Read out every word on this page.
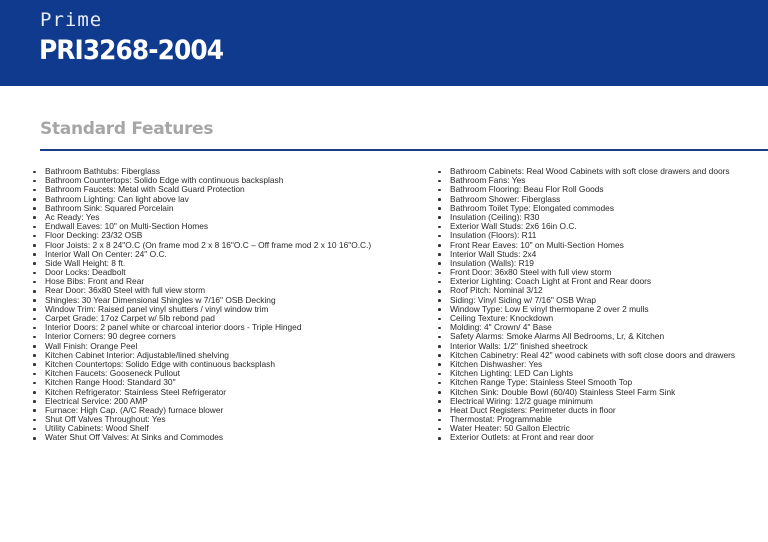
Prime
PRI3268-2004
Standard Features
Bathroom Bathtubs: Fiberglass
Bathroom Countertops: Solido Edge with continuous backsplash
Bathroom Faucets: Metal with Scald Guard Protection
Bathroom Lighting: Can light above lav
Bathroom Sink: Squared Porcelain
Ac Ready: Yes
Endwall Eaves: 10" on Multi-Section Homes
Floor Decking: 23/32 OSB
Floor Joists: 2 x 8 24"O.C (On frame mod 2 x 8 16"O.C – Off frame mod 2 x 10 16"O.C.)
Interior Wall On Center: 24" O.C.
Side Wall Height: 8 ft.
Door Locks: Deadbolt
Hose Bibs: Front and Rear
Rear Door: 36x80 Steel with full view storm
Shingles: 30 Year Dimensional Shingles w 7/16" OSB Decking
Window Trim: Raised panel vinyl shutters / vinyl window trim
Carpet Grade: 17oz Carpet w/ 5lb rebond pad
Interior Doors: 2 panel white or charcoal interior doors - Triple Hinged
Interior Corners: 90 degree corners
Wall Finish: Orange Peel
Kitchen Cabinet Interior: Adjustable/lined shelving
Kitchen Countertops: Solido Edge with continuous backsplash
Kitchen Faucets: Gooseneck Pullout
Kitchen Range Hood: Standard 30"
Kitchen Refrigerator: Stainless Steel Refrigerator
Electrical Service: 200 AMP
Furnace: High Cap. (A/C Ready) furnace blower
Shut Off Valves Throughout: Yes
Utility Cabinets: Wood Shelf
Water Shut Off Valves: At Sinks and Commodes
Bathroom Cabinets: Real Wood Cabinets with soft close drawers and doors
Bathroom Fans: Yes
Bathroom Flooring: Beau Flor Roll Goods
Bathroom Shower: Fiberglass
Bathroom Toilet Type: Elongated commodes
Insulation (Ceiling): R30
Exterior Wall Studs: 2x6 16in O.C.
Insulation (Floors): R11
Front Rear Eaves: 10" on Multi-Section Homes
Interior Wall Studs: 2x4
Insulation (Walls): R19
Front Door: 36x80 Steel with full view storm
Exterior Lighting: Coach Light at Front and Rear doors
Roof Pitch: Nominal 3/12
Siding: Vinyl Siding w/ 7/16" OSB Wrap
Window Type: Low E vinyl thermopane 2 over 2 mulls
Ceiling Texture: Knockdown
Molding: 4" Crown/ 4" Base
Safety Alarms: Smoke Alarms All Bedrooms, Lr, & Kitchen
Interior Walls: 1/2" finished sheetrock
Kitchen Cabinetry: Real 42" wood cabinets with soft close doors and drawers
Kitchen Dishwasher: Yes
Kitchen Lighting: LED Can Lights
Kitchen Range Type: Stainless Steel Smooth Top
Kitchen Sink: Double Bowl (60/40) Stainless Steel Farm Sink
Electrical Wiring: 12/2 guage minimum
Heat Duct Registers: Perimeter ducts in floor
Thermostat: Programmable
Water Heater: 50 Gallon Electric
Exterior Outlets: at Front and rear door
